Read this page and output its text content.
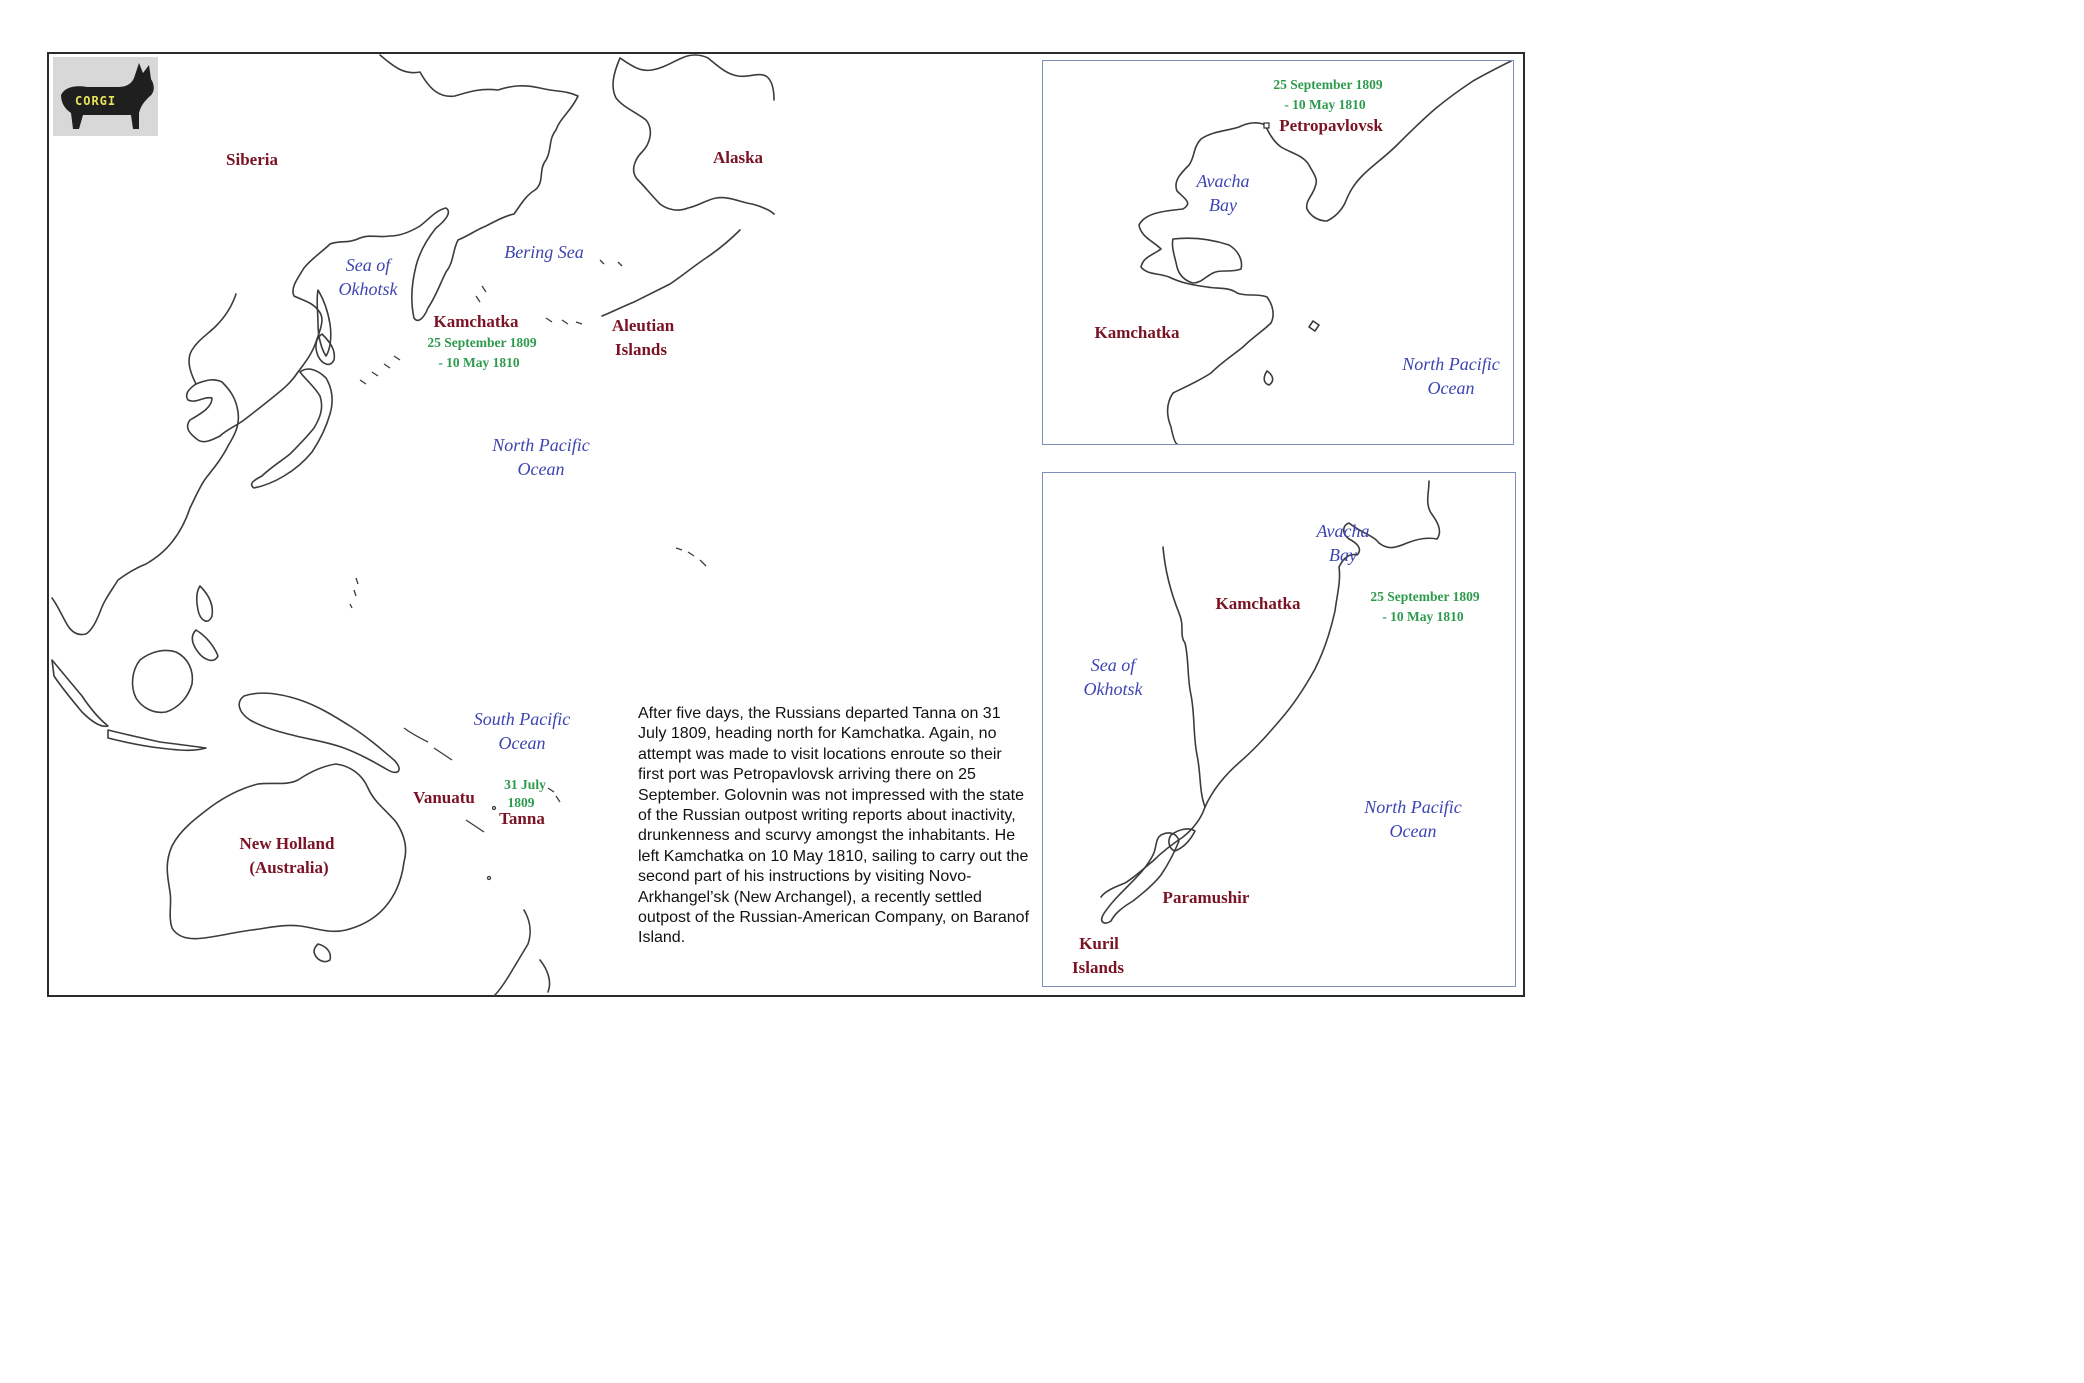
CORGI
Siberia	Alaska
Sea of
Okhotsk
Bering Sea
Kamchatka
25 September 1809
- 10 May 1810
Aleutian
Islands
North Pacific
Ocean
South Pacific
Ocean
Vanuatu
31 July
1809
Tanna
New Holland
(Australia)
After five days, the Russians departed Tanna on 31 July 1809, heading north for Kamchatka. Again, no attempt was made to visit locations enroute so their first port was Petropavlovsk arriving there on 25 September. Golovnin was not impressed with the state of the Russian outpost writing reports about inactivity, drunkenness and scurvy amongst the inhabitants. He left Kamchatka on 10 May 1810, sailing to carry out the second part of his instructions by visiting Novo-Arkhangel’sk (New Archangel), a recently settled outpost of the Russian-American Company, on Baranof Island.
25 September 1809
- 10 May 1810
Petropavlovsk
Avacha
Bay
Kamchatka
North Pacific
Ocean
Avacha
Bay
Kamchatka	25 September 1809
- 10 May 1810
Sea of
Okhotsk
North Pacific
Ocean
Paramushir
Kuril
Islands
